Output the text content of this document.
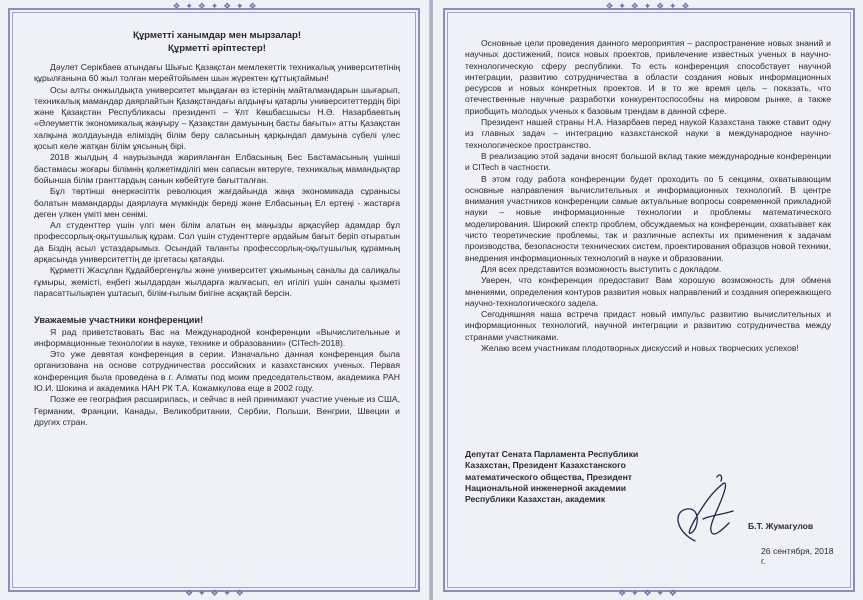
❖ ✦ ❖ ✦ ❖ ✦ ❖
❖ ✦ ❖ ✦ ❖

Құрметті ханымдар мен мырзалар!

Құрметті әріптестер!

Дәулет Серікбаев атындағы Шығыс Қазақстан мемлекеттік техникалық университетінің құрылғанына 60 жыл толған мерейтойымен шын жүректен құттықтаймын!

Осы алты онжылдықта университет мыңдаған өз істерінің майталмандарын шығарып, техникалық мамандар даярлайтын Қазақстандағы алдыңғы қатарлы университеттердің бірі және Қазақстан Республикасы президенті – Ұлт Көшбасшысы Н.Ә. Назарбаевтың «Әлеуметтік экономикалық жаңғыру – Қазақстан дамуының басты бағыты» атты Қазақстан халқына жолдауында еліміздің білім беру саласының қарқындап дамуына сүбелі үлес қосып келе жатқан білім ұясының бірі.

2018 жылдың 4 наурызында жарияланған Елбасының Бес Бастамасының үшінші бастамасы жоғары білімнің қолжетімділігі мен сапасын көтеруге, техникалық мамандықтар бойынша білім гранттардың санын көбейтуге бағытталған.

Бұл төртінші өнеркәсіптік революция жағдайында жаңа экономикада сұранысы болатын мамандарды даярлауға мүмкіндік береді және Елбасының Ел ертеңі - жастарға деген үлкен үміті мен сенімі.

Ал студенттер үшін үлгі мен білім алатын ең маңызды арқасүйер адамдар бұл профессорлық-оқытушылық құрам. Сол үшін студенттерге әрдайым бағыт беріп отыратын да Біздің асыл ұстаздарымыз. Осындай таланты профессорлық-оқытушылық құрамның арқасында университеттің де іргетасы қатаяды.

Құрметті Жасұлан Құдайбергенұлы және университет ұжымының саналы да салиқалы ғұмыры, жемісті, еңбегі жылдардан жылдарға жалғасып, ел игілігі үшін саналы қызметі парасаттылықпен ұштасып, білім-ғылым биігіне асқақтай берсін.

Уважаемые участники конференции!

Я рад приветствовать Вас на Международной конференции «Вычислительные и информационные технологии в науке, технике и образовании» (CITech-2018).

Это уже девятая конференция в серии. Изначально данная конференция была организована на основе сотрудничества российских и казахстанских ученых. Первая конференция была проведена в г. Алматы под моим председательством, академика РАН Ю.И. Шокина и академика НАН РК Т.А. Кожамкулова еще в 2002 году.

Позже ее география расширилась, и сейчас в ней принимают участие ученые из США, Германии, Франции, Канады, Великобритании, Сербии, Польши, Венгрии, Швеции и других стран.

❖ ✦ ❖ ✦ ❖ ✦ ❖
❖ ✦ ❖ ✦ ❖

Основные цели проведения данного мероприятия – распространение новых знаний и научных достижений, поиск новых проектов, привлечение известных ученых в научно-технологическую сферу республики. То есть конференция способствует научной интеграции, развитию сотрудничества в области создания новых информационных ресурсов и новых конкретных проектов. И в то же время цель – показать, что отечественные научные разработки конкурентоспособны на мировом рынке, а также приобщить молодых ученых к базовым трендам в данной сфере.

Президент нашей страны Н.А. Назарбаев перед наукой Казахстана также ставит одну из главных задач – интеграцию казахстанской науки в международное научно-технологическое пространство.

В реализацию этой задачи вносят большой вклад такие международные конференции и CITech в частности.

В этом году работа конференции будет проходить по 5 секциям, охватывающим основные направления вычислительных и информационных технологий. В центре внимания участников конференции самые актуальные вопросы современной прикладной науки – новые информационные технологии и проблемы математического моделирования. Широкий спектр проблем, обсуждаемых на конференции, охватывает как чисто теоретические проблемы, так и различные аспекты их применения к задачам производства, безопасности технических систем, проектирования образцов новой техники, внедрения информационных технологий в науке и образовании.

Для всех представится возможность выступить с докладом.

Уверен, что конференция предоставит Вам хорошую возможность для обмена мнениями, определения контуров развития новых направлений и создания опережающего научно-технологического задела.

Сегодняшняя наша встреча придаст новый импульс развитию вычислительных и информационных технологий, научной интеграции и развитию сотрудничества между странами участниками.

Желаю всем участникам плодотворных дискуссий и новых творческих успехов!

Депутат Сената Парламента Республики Казахстан, Президент Казахстанского математического общества, Президент Национальной инженерной академии Республики Казахстан, академик
Б.Т. Жумагулов
26 сентября, 2018 г.
